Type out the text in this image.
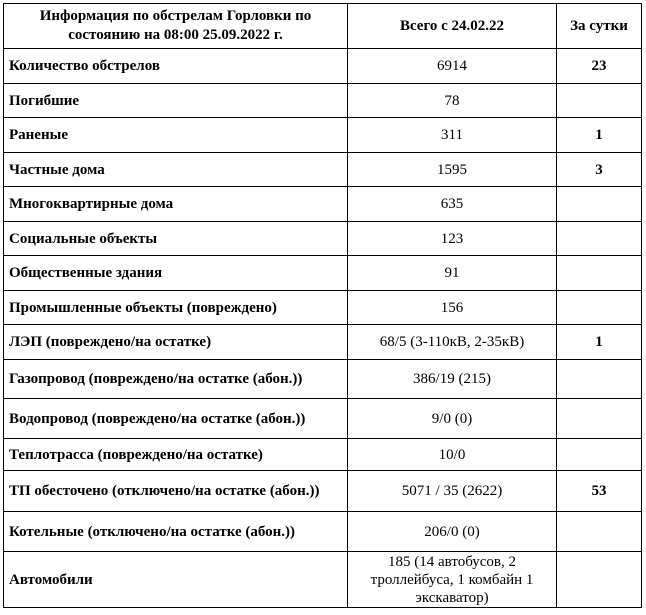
Информация по обстрелам Горловки по состоянию на 08:00 25.09.2022 г.	Всего с 24.02.22	За сутки
Количество обстрелов	6914	23
Погибшие	78	
Раненые	311	1
Частные дома	1595	3
Многоквартирные дома	635	
Социальные объекты	123	
Общественные здания	91	
Промышленные объекты (повреждено)	156	
ЛЭП (повреждено/на остатке)	68/5 (3-110кВ, 2-35кВ)	1
Газопровод (повреждено/на остатке (абон.))	386/19 (215)	
Водопровод (повреждено/на остатке (абон.))	9/0 (0)	
Теплотрасса (повреждено/на остатке)	10/0	
ТП обесточено (отключено/на остатке (абон.))	5071 / 35 (2622)	53
Котельные (отключено/на остатке (абон.))	206/0 (0)	
Автомобили	185 (14 автобусов, 2 троллейбуса, 1 комбайн 1 экскаватор)	
